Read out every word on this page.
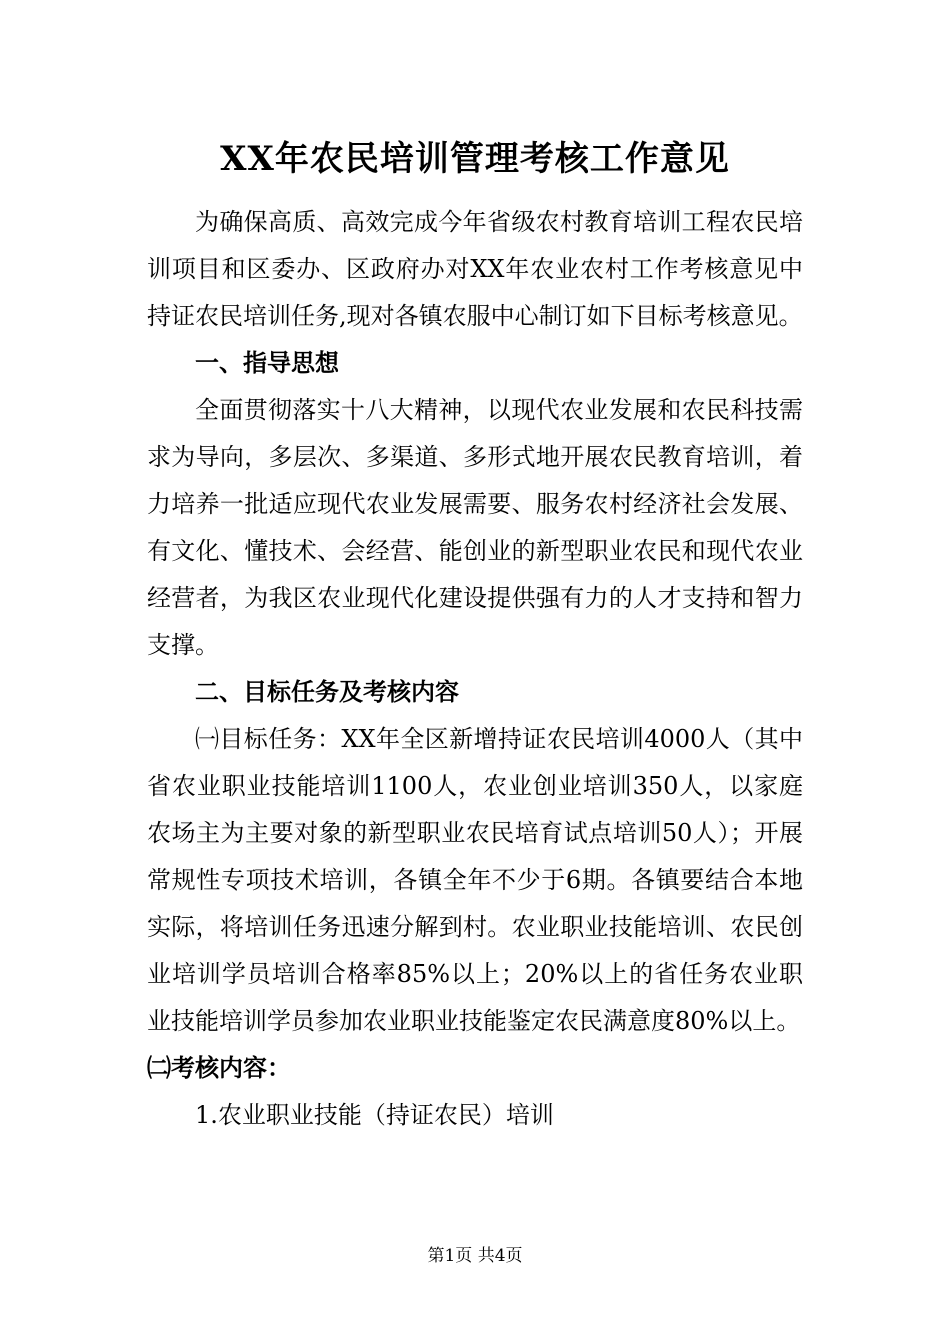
XX年农民培训管理考核工作意见

为确保高质、高效完成今年省级农村教育培训工程农民培训项目和区委办、区政府办对XX年农业农村工作考核意见中持证农民培训任务,现对各镇农服中心制订如下目标考核意见。

一、指导思想

全面贯彻落实十八大精神，以现代农业发展和农民科技需求为导向，多层次、多渠道、多形式地开展农民教育培训，着力培养一批适应现代农业发展需要、服务农村经济社会发展、有文化、懂技术、会经营、能创业的新型职业农民和现代农业经营者，为我区农业现代化建设提供强有力的人才支持和智力支撑。

二、目标任务及考核内容

㈠目标任务：XX年全区新增持证农民培训4000人（其中省农业职业技能培训1100人，农业创业培训350人，以家庭农场主为主要对象的新型职业农民培育试点培训50人）；开展常规性专项技术培训，各镇全年不少于6期。各镇要结合本地实际，将培训任务迅速分解到村。农业职业技能培训、农民创业培训学员培训合格率85%以上；20%以上的省任务农业职业技能培训学员参加农业职业技能鉴定农民满意度80%以上。

㈡考核内容：

1.农业职业技能（持证农民）培训

第1页 共4页
